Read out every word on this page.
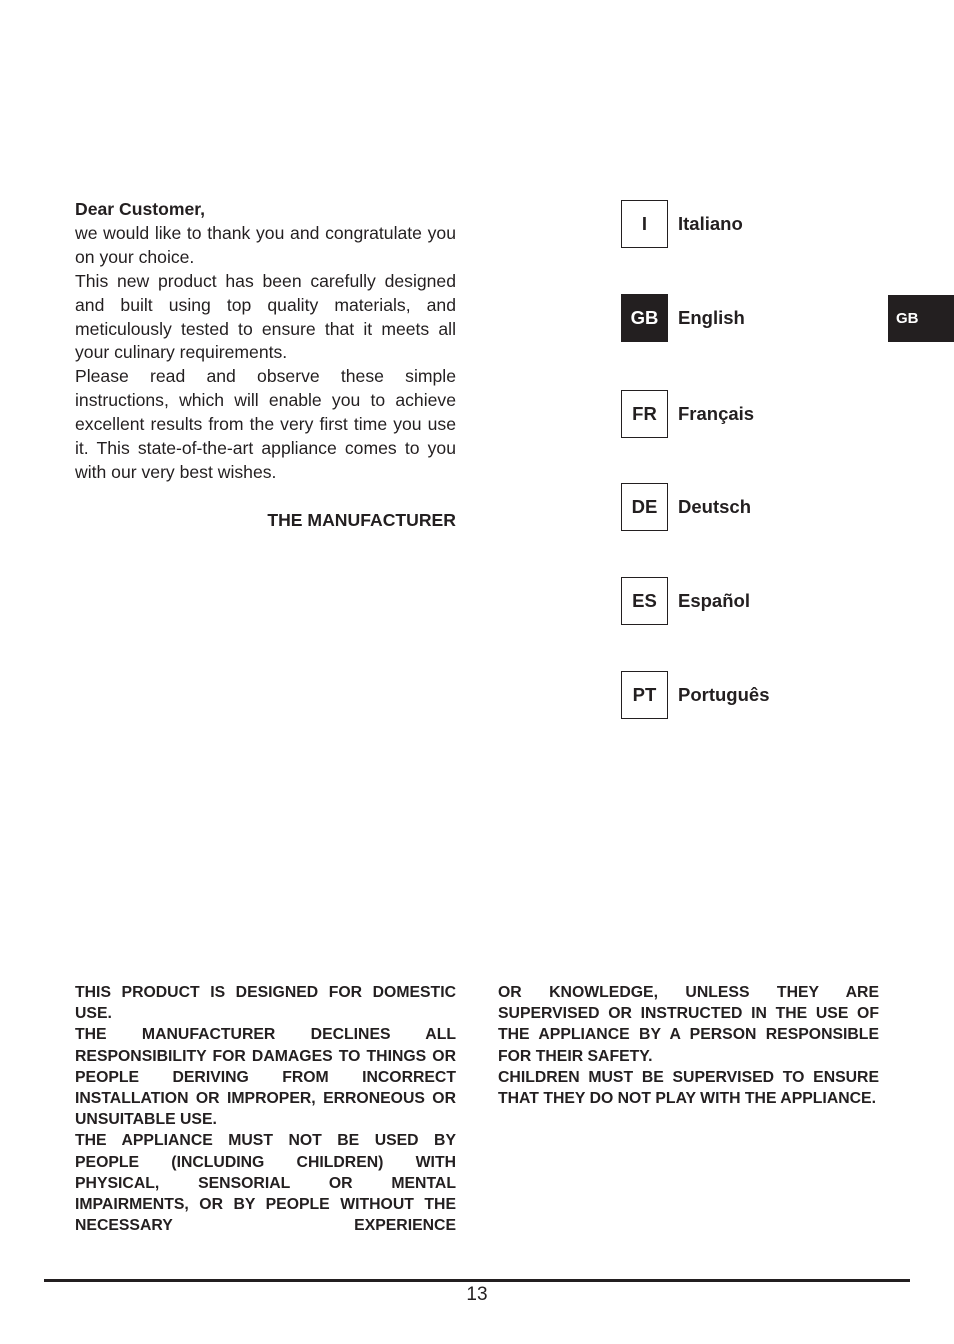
Dear Customer,

we would like to thank you and congratulate you on your choice.

This new product has been carefully designed and built using top quality materials, and meticulously tested to ensure that it meets all your culinary requirements.

Please read and observe these simple instructions, which will enable you to achieve excellent results from the very first time you use it. This state-of-the-art appliance comes to you with our very best wishes.

THE MANUFACTURER

I	Italiano
GB	English
FR	Français
DE	Deutsch
ES	Español
PT	Português
GB

THIS PRODUCT IS DESIGNED FOR DOMESTIC USE.

THE MANUFACTURER DECLINES ALL RESPONSIBILITY FOR DAMAGES TO THINGS OR PEOPLE DERIVING FROM INCORRECT INSTALLATION OR IMPROPER, ERRONEOUS OR UNSUITABLE USE.

THE APPLIANCE MUST NOT BE USED BY PEOPLE (INCLUDING CHILDREN) WITH PHYSICAL, SENSORIAL OR MENTAL IMPAIRMENTS, OR BY PEOPLE WITHOUT THE NECESSARY EXPERIENCE

OR KNOWLEDGE, UNLESS THEY ARE SUPERVISED OR INSTRUCTED IN THE USE OF THE APPLIANCE BY A PERSON RESPONSIBLE FOR THEIR SAFETY.

CHILDREN MUST BE SUPERVISED TO ENSURE THAT THEY DO NOT PLAY WITH THE APPLIANCE.

13
